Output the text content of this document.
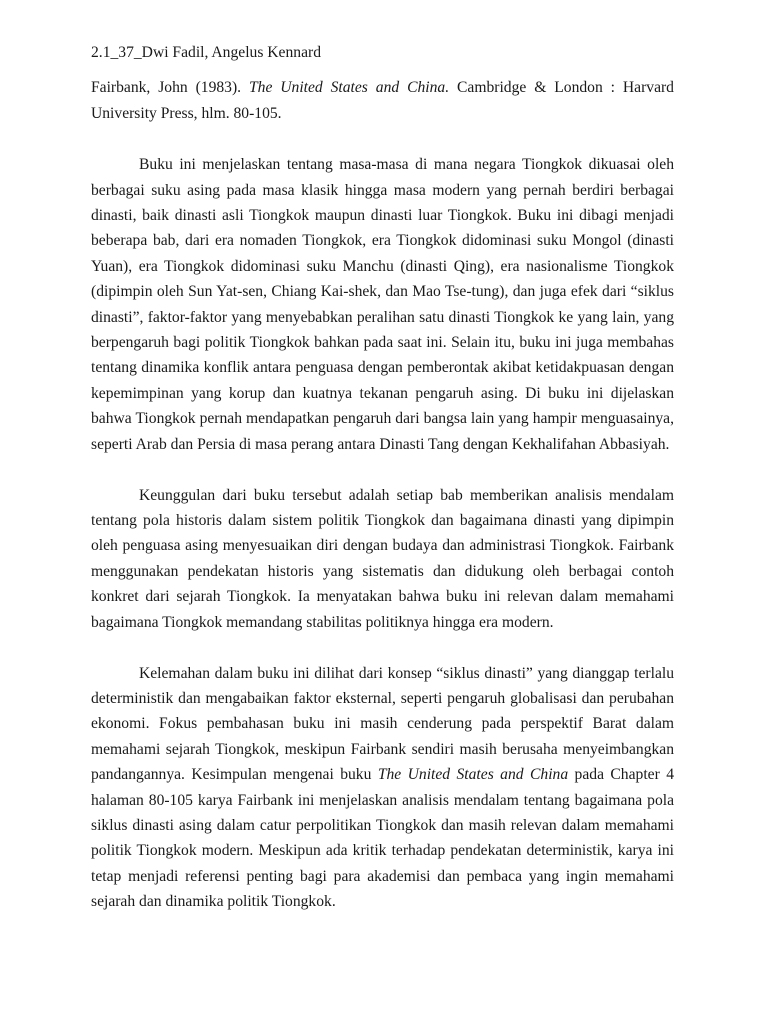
2.1_37_Dwi Fadil, Angelus Kennard

Fairbank, John (1983). The United States and China. Cambridge & London : Harvard University Press, hlm. 80-105.

Buku ini menjelaskan tentang masa-masa di mana negara Tiongkok dikuasai oleh berbagai suku asing pada masa klasik hingga masa modern yang pernah berdiri berbagai dinasti, baik dinasti asli Tiongkok maupun dinasti luar Tiongkok. Buku ini dibagi menjadi beberapa bab, dari era nomaden Tiongkok, era Tiongkok didominasi suku Mongol (dinasti Yuan), era Tiongkok didominasi suku Manchu (dinasti Qing), era nasionalisme Tiongkok (dipimpin oleh Sun Yat-sen, Chiang Kai-shek, dan Mao Tse-tung), dan juga efek dari “siklus dinasti”, faktor-faktor yang menyebabkan peralihan satu dinasti Tiongkok ke yang lain, yang berpengaruh bagi politik Tiongkok bahkan pada saat ini. Selain itu, buku ini juga membahas tentang dinamika konflik antara penguasa dengan pemberontak akibat ketidakpuasan dengan kepemimpinan yang korup dan kuatnya tekanan pengaruh asing. Di buku ini dijelaskan bahwa Tiongkok pernah mendapatkan pengaruh dari bangsa lain yang hampir menguasainya, seperti Arab dan Persia di masa perang antara Dinasti Tang dengan Kekhalifahan Abbasiyah.

Keunggulan dari buku tersebut adalah setiap bab memberikan analisis mendalam tentang pola historis dalam sistem politik Tiongkok dan bagaimana dinasti yang dipimpin oleh penguasa asing menyesuaikan diri dengan budaya dan administrasi Tiongkok. Fairbank menggunakan pendekatan historis yang sistematis dan didukung oleh berbagai contoh konkret dari sejarah Tiongkok. Ia menyatakan bahwa buku ini relevan dalam memahami bagaimana Tiongkok memandang stabilitas politiknya hingga era modern.

Kelemahan dalam buku ini dilihat dari konsep “siklus dinasti” yang dianggap terlalu deterministik dan mengabaikan faktor eksternal, seperti pengaruh globalisasi dan perubahan ekonomi. Fokus pembahasan buku ini masih cenderung pada perspektif Barat dalam memahami sejarah Tiongkok, meskipun Fairbank sendiri masih berusaha menyeimbangkan pandangannya. Kesimpulan mengenai buku The United States and China pada Chapter 4 halaman 80-105 karya Fairbank ini menjelaskan analisis mendalam tentang bagaimana pola siklus dinasti asing dalam catur perpolitikan Tiongkok dan masih relevan dalam memahami politik Tiongkok modern. Meskipun ada kritik terhadap pendekatan deterministik, karya ini tetap menjadi referensi penting bagi para akademisi dan pembaca yang ingin memahami sejarah dan dinamika politik Tiongkok.
